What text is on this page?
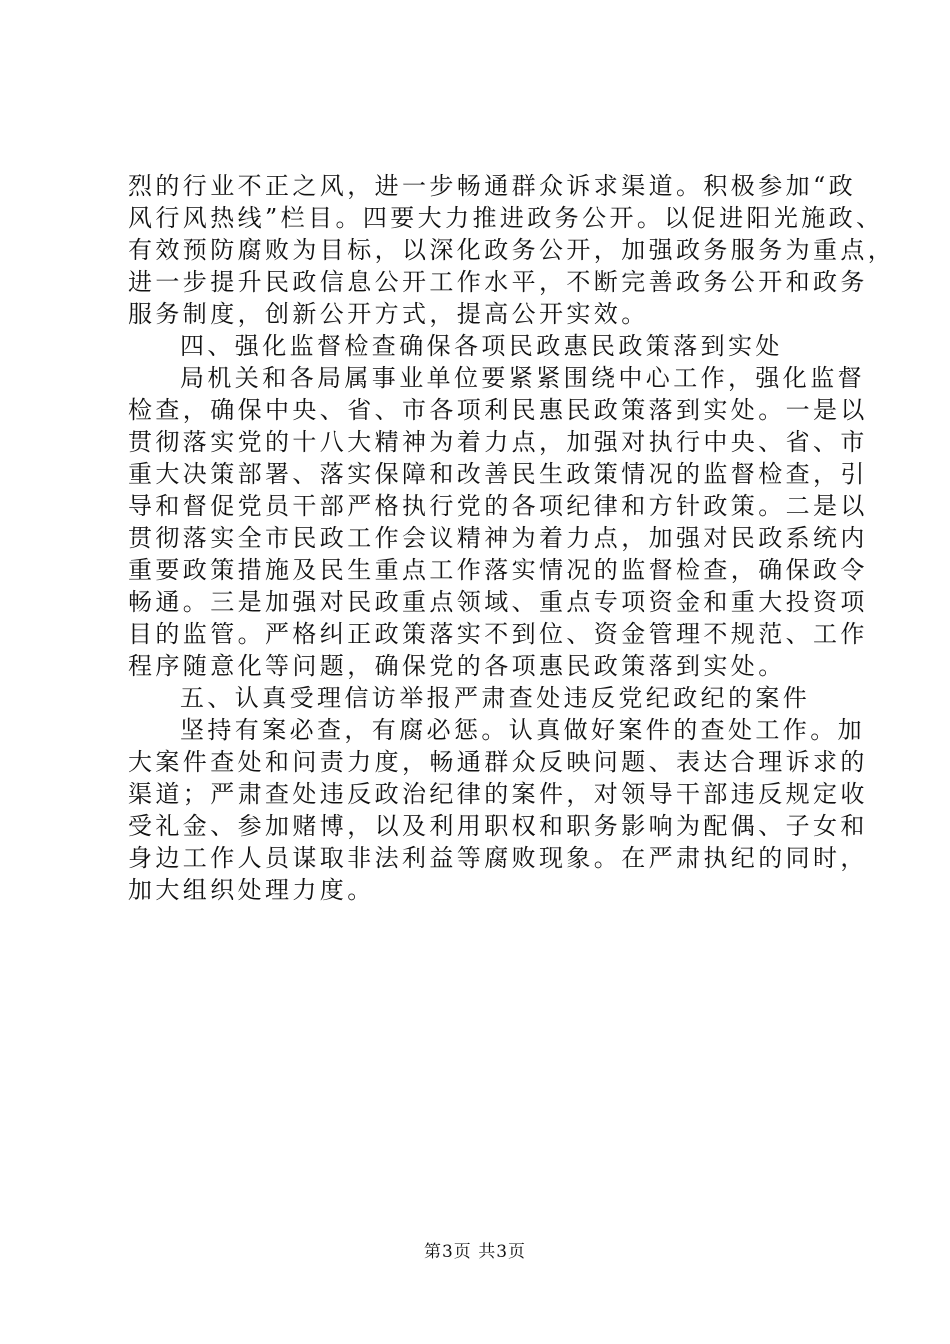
烈的行业不正之风，进一步畅通群众诉求渠道。积极参加“政
风行风热线”栏目。四要大力推进政务公开。以促进阳光施政、
有效预防腐败为目标，以深化政务公开，加强政务服务为重点，
进一步提升民政信息公开工作水平，不断完善政务公开和政务
服务制度，创新公开方式，提高公开实效。
四、强化监督检查确保各项民政惠民政策落到实处
局机关和各局属事业单位要紧紧围绕中心工作，强化监督
检查，确保中央、省、市各项利民惠民政策落到实处。一是以
贯彻落实党的十八大精神为着力点，加强对执行中央、省、市
重大决策部署、落实保障和改善民生政策情况的监督检查，引
导和督促党员干部严格执行党的各项纪律和方针政策。二是以
贯彻落实全市民政工作会议精神为着力点，加强对民政系统内
重要政策措施及民生重点工作落实情况的监督检查，确保政令
畅通。三是加强对民政重点领域、重点专项资金和重大投资项
目的监管。严格纠正政策落实不到位、资金管理不规范、工作
程序随意化等问题，确保党的各项惠民政策落到实处。
五、认真受理信访举报严肃查处违反党纪政纪的案件
坚持有案必查，有腐必惩。认真做好案件的查处工作。加
大案件查处和问责力度，畅通群众反映问题、表达合理诉求的
渠道；严肃查处违反政治纪律的案件，对领导干部违反规定收
受礼金、参加赌博，以及利用职权和职务影响为配偶、子女和
身边工作人员谋取非法利益等腐败现象。在严肃执纪的同时，
加大组织处理力度。
第3页 共3页
